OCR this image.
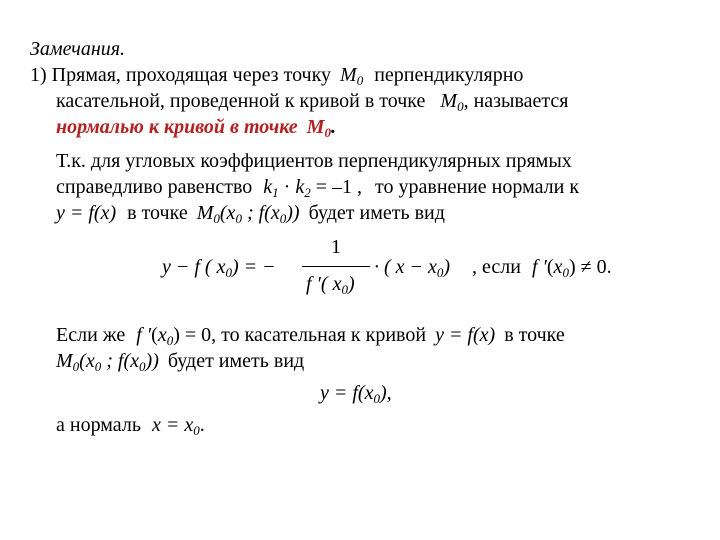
Замечания.
1) Прямая, проходящая через точку $M_0$ перпендикулярно
касательной, проведенной к кривой в точке $M_0$, называется
нормалью к кривой в точке $M_0$.
Т.к. для угловых коэффициентов перпендикулярных прямых
справедливо равенство $k_1 \cdot k_2 = -1$ , то уравнение нормали к
y = f(x) в точке $M_0(x_0$ ; $f(x_0)$) будет иметь вид
y − f ( $x_0$) = −
1
f ′( $x_0$)
· ( $x - x_0$) , если f $'(x_0) \ne 0$.
Если же f $'(x_0) = 0$, то касательная к кривой y = f(x) в точке
$M_0(x_0$ ; $f(x_0)$) будет иметь вид
$y = f(x_0)$,
а нормаль $x = x_0$.
